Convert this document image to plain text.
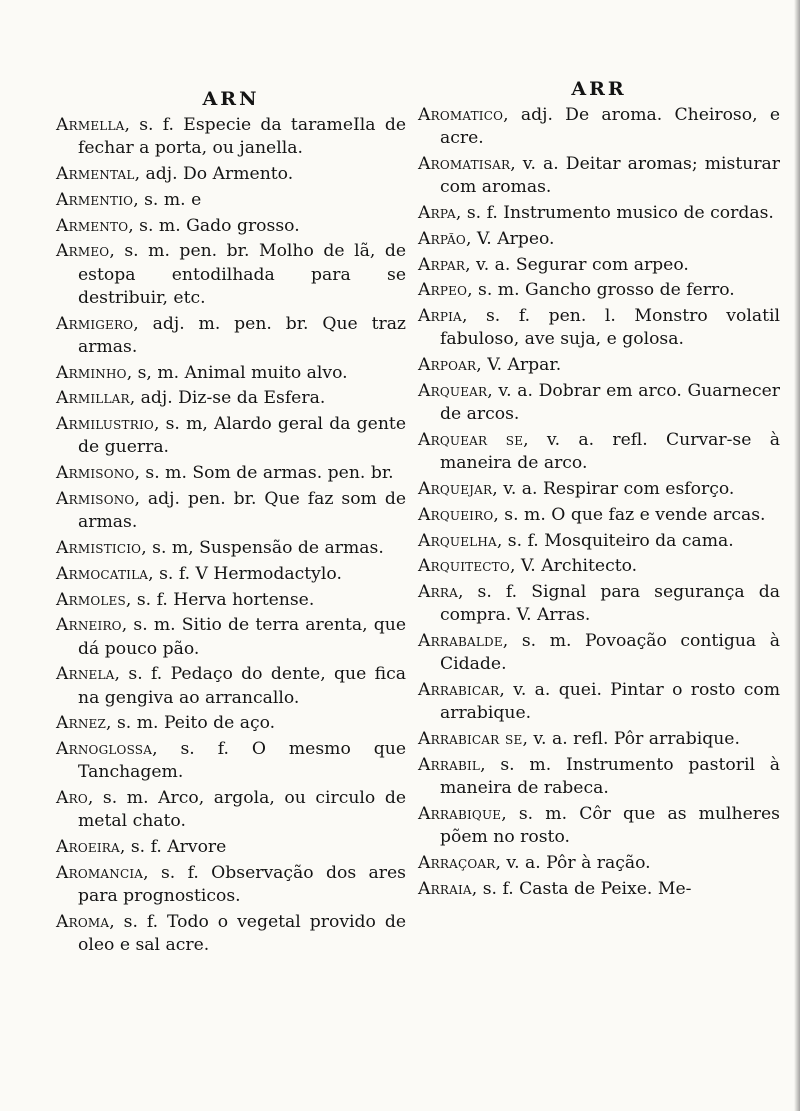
ARN

Armella, s. f. Especie da tarameIla de fechar a porta, ou janella.

Armental, adj. Do Armento.

Armentio, s. m. e

Armento, s. m. Gado grosso.

Armeo, s. m. pen. br. Molho de lã, de estopa entodilhada para se destribuir, etc.

Armigero, adj. m. pen. br. Que traz armas.

Arminho, s, m. Animal muito alvo.

Armillar, adj. Diz-se da Esfera.

Armilustrio, s. m, Alardo geral da gente de guerra.

Armisono, s. m. Som de armas. pen. br.

Armisono, adj. pen. br. Que faz som de armas.

Armisticio, s. m, Suspensão de armas.

Armocatila, s. f. V Hermodactylo.

Armoles, s. f. Herva hortense.

Arneiro, s. m. Sitio de terra arenta, que dá pouco pão.

Arnela, s. f. Pedaço do dente, que fica na gengiva ao arrancallo.

Arnez, s. m. Peito de aço.

Arnoglossa, s. f. O mesmo que Tanchagem.

Aro, s. m. Arco, argola, ou circulo de metal chato.

Aroeira, s. f. Arvore

Aromancia, s. f. Observação dos ares para prognosticos.

Aroma, s. f. Todo o vegetal provido de oleo e sal acre.

ARR

Aromatico, adj. De aroma. Cheiroso, e acre.

Aromatisar, v. a. Deitar aromas; misturar com aromas.

Arpa, s. f. Instrumento musico de cordas.

Arpão, V. Arpeo.

Arpar, v. a. Segurar com arpeo.

Arpeo, s. m. Gancho grosso de ferro.

Arpia, s. f. pen. l. Monstro volatil fabuloso, ave suja, e golosa.

Arpoar, V. Arpar.

Arquear, v. a. Dobrar em arco. Guarnecer de arcos.

Arquear se, v. a. refl. Curvar-se à maneira de arco.

Arquejar, v. a. Respirar com esforço.

Arqueiro, s. m. O que faz e vende arcas.

Arquelha, s. f. Mosquiteiro da cama.

Arquitecto, V. Architecto.

Arra, s. f. Signal para segurança da compra. V. Arras.

Arrabalde, s. m. Povoação contigua à Cidade.

Arrabicar, v. a. quei. Pintar o rosto com arrabique.

Arrabicar se, v. a. refl. Pôr arrabique.

Arrabil, s. m. Instrumento pastoril à maneira de rabeca.

Arrabique, s. m. Côr que as mulheres põem no rosto.

Arraçoar, v. a. Pôr à ração.

Arraia, s. f. Casta de Peixe. Me-
